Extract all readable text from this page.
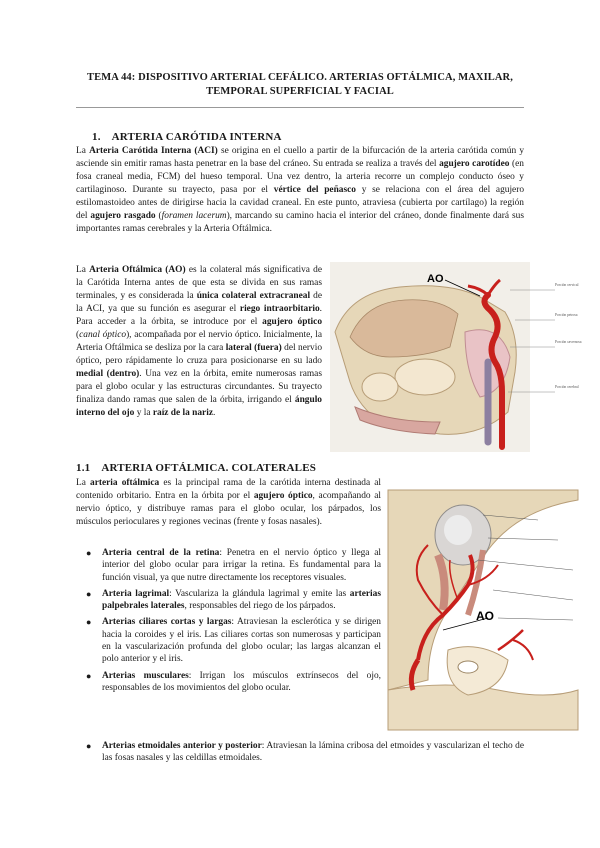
TEMA 44: DISPOSITIVO ARTERIAL CEFÁLICO. ARTERIAS OFTÁLMICA, MAXILAR,
TEMPORAL SUPERFICIAL Y FACIAL
1. ARTERIA CARÓTIDA INTERNA

La Arteria Carótida Interna (ACI) se origina en el cuello a partir de la bifurcación de la arteria carótida común y asciende sin emitir ramas hasta penetrar en la base del cráneo. Su entrada se realiza a través del agujero carotídeo (en fosa craneal media, FCM) del hueso temporal. Una vez dentro, la arteria recorre un complejo conducto óseo y cartilaginoso. Durante su trayecto, pasa por el vértice del peñasco y se relaciona con el área del agujero estilomastoideo antes de dirigirse hacia la cavidad craneal. En este punto, atraviesa (cubierta por cartílago) la región del agujero rasgado (foramen lacerum), marcando su camino hacia el interior del cráneo, donde finalmente dará sus importantes ramas cerebrales y la Arteria Oftálmica.

La Arteria Oftálmica (AO) es la colateral más significativa de la Carótida Interna antes de que esta se divida en sus ramas terminales, y es considerada la única colateral extracraneal de la ACI, ya que su función es asegurar el riego intraorbitario. Para acceder a la órbita, se introduce por el agujero óptico (canal óptico), acompañada por el nervio óptico. Inicialmente, la Arteria Oftálmica se desliza por la cara lateral (fuera) del nervio óptico, pero rápidamente lo cruza para posicionarse en su lado medial (dentro). Una vez en la órbita, emite numerosas ramas para el globo ocular y las estructuras circundantes. Su trayecto finaliza dando ramas que salen de la órbita, irrigando el ángulo interno del ojo y la raíz de la nariz.

AO	Porción cervical
Porción petrosa
Porción cavernosa
Porción cerebral
1.1 ARTERIA OFTÁLMICA. COLATERALES

La arteria oftálmica es la principal rama de la carótida interna destinada al contenido orbitario. Entra en la órbita por el agujero óptico, acompañando al nervio óptico, y distribuye ramas para el globo ocular, los párpados, los músculos perioculares y regiones vecinas (frente y fosas nasales).

● Arteria central de la retina: Penetra en el nervio óptico y llega al interior del globo ocular para irrigar la retina. Es fundamental para la función visual, ya que nutre directamente los receptores visuales.
● Arteria lagrimal: Vasculariza la glándula lagrimal y emite las arterias palpebrales laterales, responsables del riego de los párpados.
● Arterias ciliares cortas y largas: Atraviesan la esclerótica y se dirigen hacia la coroides y el iris. Las ciliares cortas son numerosas y participan en la vascularización profunda del globo ocular; las largas alcanzan el polo anterior y el iris.
● Arterias musculares: Irrigan los músculos extrínsecos del ojo, responsables de los movimientos del globo ocular.
● Arterias etmoidales anterior y posterior: Atraviesan la lámina cribosa del etmoides y vascularizan el techo de las fosas nasales y las celdillas etmoidales.
AO
